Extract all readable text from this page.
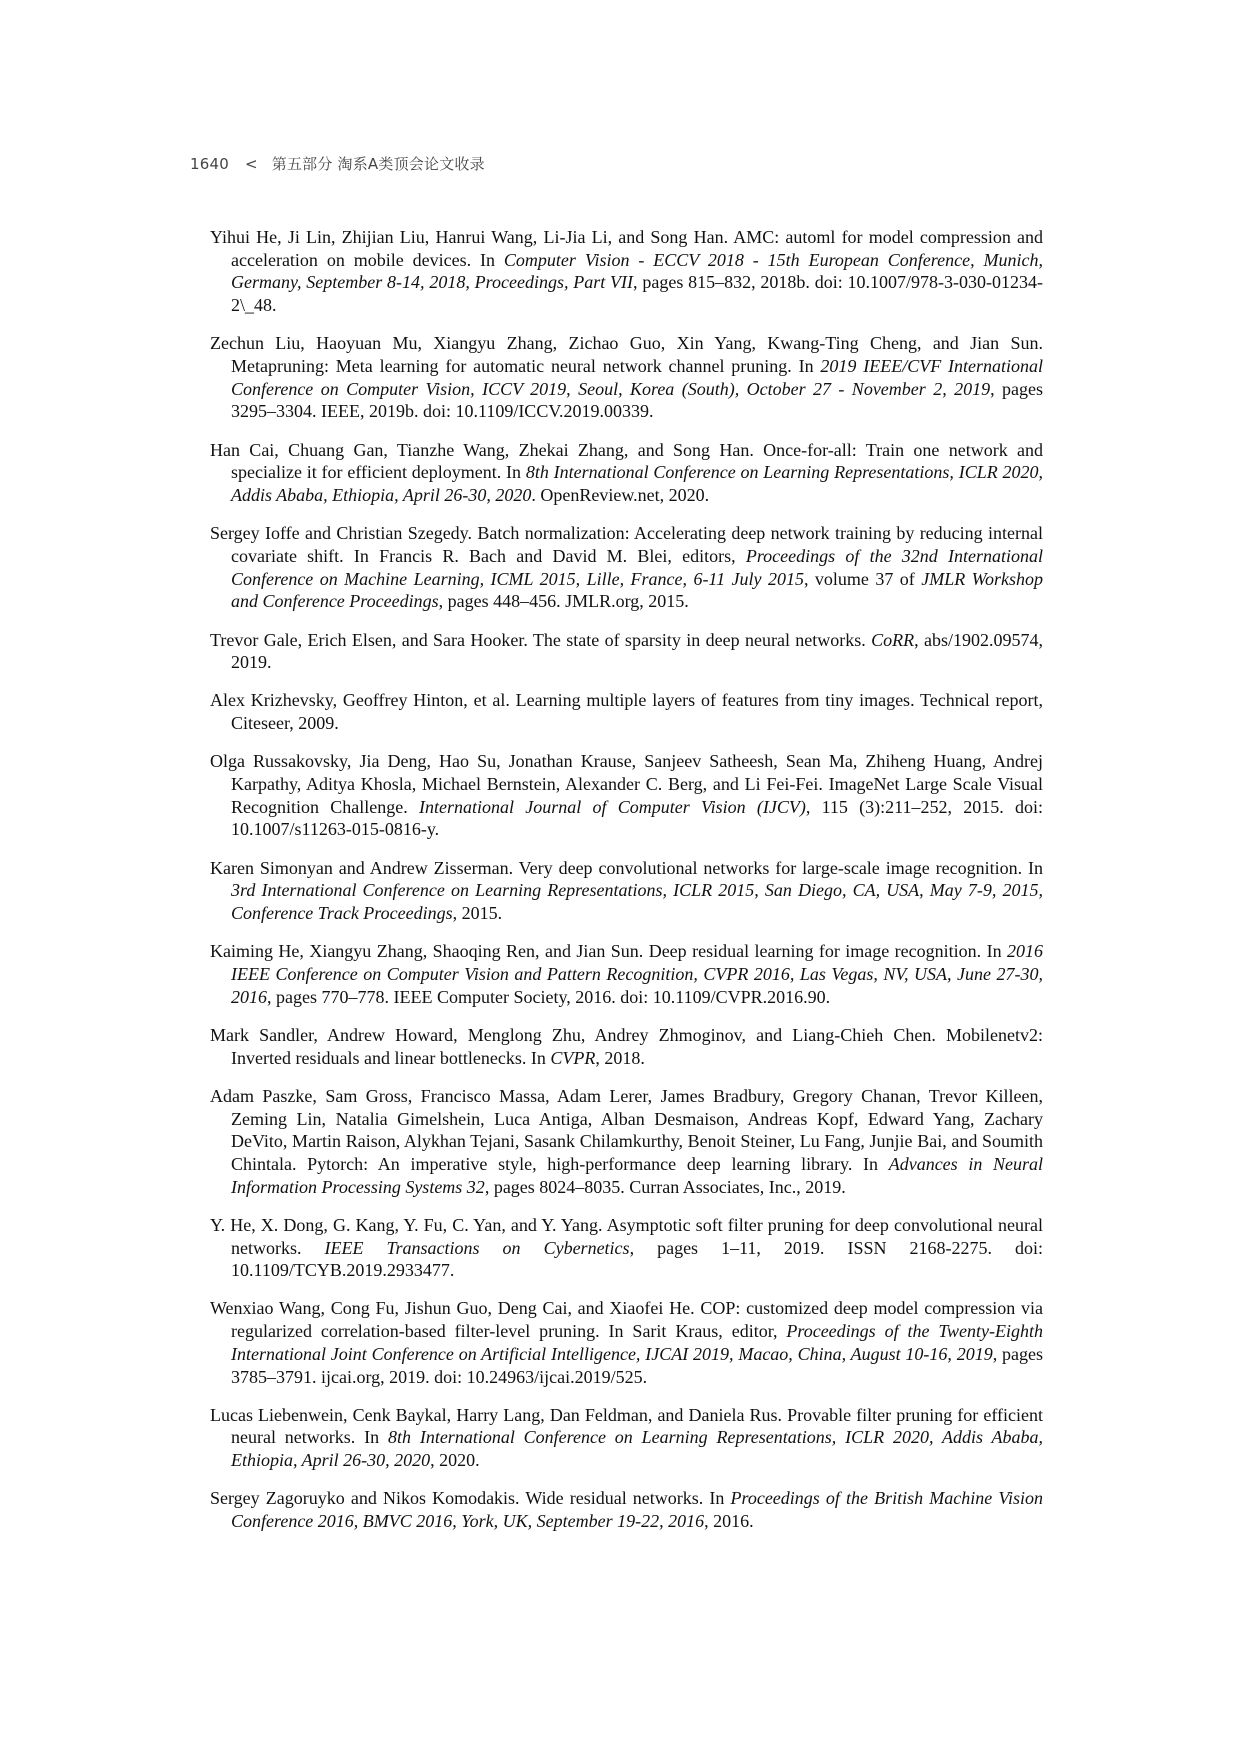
1640 < 第五部分 淘系A类顶会论文收录
Yihui He, Ji Lin, Zhijian Liu, Hanrui Wang, Li-Jia Li, and Song Han. AMC: automl for model compression and acceleration on mobile devices. In Computer Vision - ECCV 2018 - 15th European Conference, Munich, Germany, September 8-14, 2018, Proceedings, Part VII, pages 815–832, 2018b. doi: 10.1007/978-3-030-01234-2\_48.
Zechun Liu, Haoyuan Mu, Xiangyu Zhang, Zichao Guo, Xin Yang, Kwang-Ting Cheng, and Jian Sun. Metapruning: Meta learning for automatic neural network channel pruning. In 2019 IEEE/CVF International Conference on Computer Vision, ICCV 2019, Seoul, Korea (South), October 27 - November 2, 2019, pages 3295–3304. IEEE, 2019b. doi: 10.1109/ICCV.2019.00339.
Han Cai, Chuang Gan, Tianzhe Wang, Zhekai Zhang, and Song Han. Once-for-all: Train one network and specialize it for efficient deployment. In 8th International Conference on Learning Representations, ICLR 2020, Addis Ababa, Ethiopia, April 26-30, 2020. OpenReview.net, 2020.
Sergey Ioffe and Christian Szegedy. Batch normalization: Accelerating deep network training by reducing internal covariate shift. In Francis R. Bach and David M. Blei, editors, Proceedings of the 32nd International Conference on Machine Learning, ICML 2015, Lille, France, 6-11 July 2015, volume 37 of JMLR Workshop and Conference Proceedings, pages 448–456. JMLR.org, 2015.
Trevor Gale, Erich Elsen, and Sara Hooker. The state of sparsity in deep neural networks. CoRR, abs/1902.09574, 2019.
Alex Krizhevsky, Geoffrey Hinton, et al. Learning multiple layers of features from tiny images. Technical report, Citeseer, 2009.
Olga Russakovsky, Jia Deng, Hao Su, Jonathan Krause, Sanjeev Satheesh, Sean Ma, Zhiheng Huang, Andrej Karpathy, Aditya Khosla, Michael Bernstein, Alexander C. Berg, and Li Fei-Fei. ImageNet Large Scale Visual Recognition Challenge. International Journal of Computer Vision (IJCV), 115 (3):211–252, 2015. doi: 10.1007/s11263-015-0816-y.
Karen Simonyan and Andrew Zisserman. Very deep convolutional networks for large-scale image recognition. In 3rd International Conference on Learning Representations, ICLR 2015, San Diego, CA, USA, May 7-9, 2015, Conference Track Proceedings, 2015.
Kaiming He, Xiangyu Zhang, Shaoqing Ren, and Jian Sun. Deep residual learning for image recognition. In 2016 IEEE Conference on Computer Vision and Pattern Recognition, CVPR 2016, Las Vegas, NV, USA, June 27-30, 2016, pages 770–778. IEEE Computer Society, 2016. doi: 10.1109/CVPR.2016.90.
Mark Sandler, Andrew Howard, Menglong Zhu, Andrey Zhmoginov, and Liang-Chieh Chen. Mobilenetv2: Inverted residuals and linear bottlenecks. In CVPR, 2018.
Adam Paszke, Sam Gross, Francisco Massa, Adam Lerer, James Bradbury, Gregory Chanan, Trevor Killeen, Zeming Lin, Natalia Gimelshein, Luca Antiga, Alban Desmaison, Andreas Kopf, Edward Yang, Zachary DeVito, Martin Raison, Alykhan Tejani, Sasank Chilamkurthy, Benoit Steiner, Lu Fang, Junjie Bai, and Soumith Chintala. Pytorch: An imperative style, high-performance deep learning library. In Advances in Neural Information Processing Systems 32, pages 8024–8035. Curran Associates, Inc., 2019.
Y. He, X. Dong, G. Kang, Y. Fu, C. Yan, and Y. Yang. Asymptotic soft filter pruning for deep convolutional neural networks. IEEE Transactions on Cybernetics, pages 1–11, 2019. ISSN 2168-2275. doi: 10.1109/TCYB.2019.2933477.
Wenxiao Wang, Cong Fu, Jishun Guo, Deng Cai, and Xiaofei He. COP: customized deep model compression via regularized correlation-based filter-level pruning. In Sarit Kraus, editor, Proceedings of the Twenty-Eighth International Joint Conference on Artificial Intelligence, IJCAI 2019, Macao, China, August 10-16, 2019, pages 3785–3791. ijcai.org, 2019. doi: 10.24963/ijcai.2019/525.
Lucas Liebenwein, Cenk Baykal, Harry Lang, Dan Feldman, and Daniela Rus. Provable filter pruning for efficient neural networks. In 8th International Conference on Learning Representations, ICLR 2020, Addis Ababa, Ethiopia, April 26-30, 2020, 2020.
Sergey Zagoruyko and Nikos Komodakis. Wide residual networks. In Proceedings of the British Machine Vision Conference 2016, BMVC 2016, York, UK, September 19-22, 2016, 2016.
